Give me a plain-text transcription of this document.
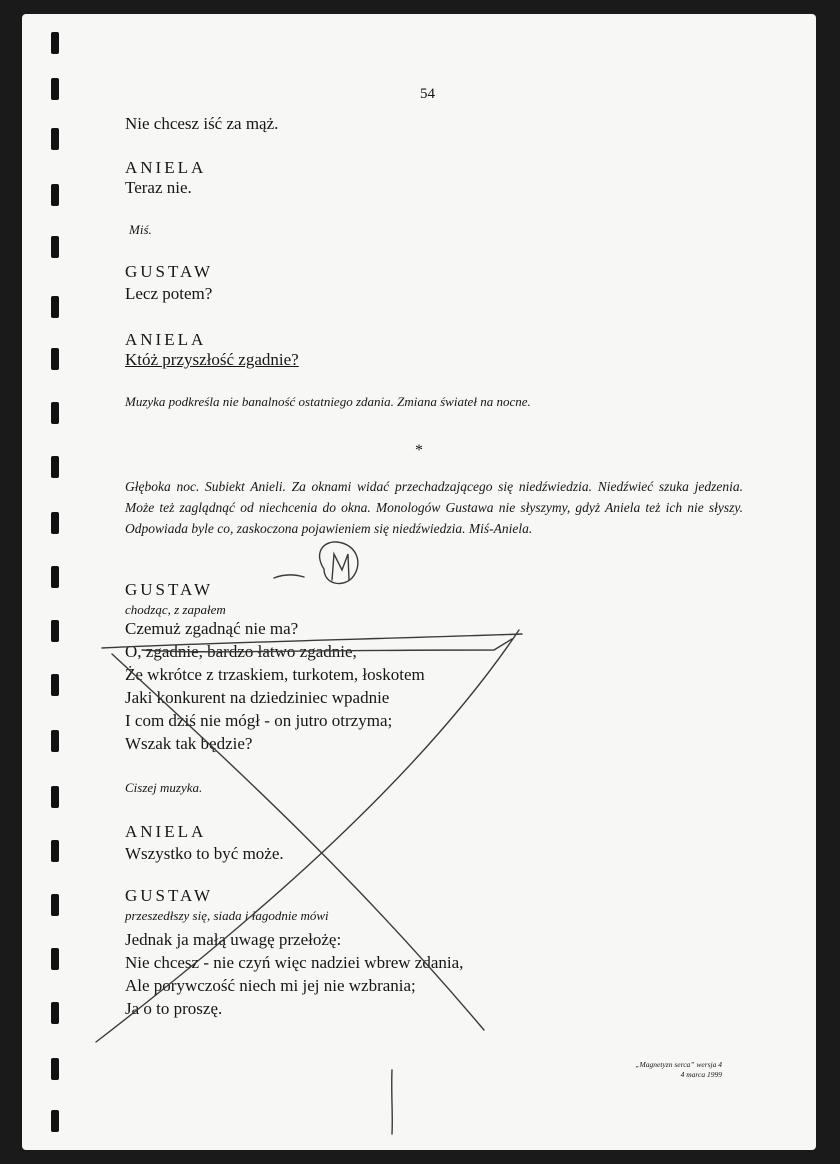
54
Nie chcesz iść za mąż.
ANIELA
Teraz nie.
Miś.
GUSTAW
Lecz potem?
ANIELA
Któż przyszłość zgadnie?
Muzyka podkreśla nie banalność ostatniego zdania. Zmiana świateł na nocne.
Głęboka noc. Subiekt Anieli. Za oknami widać przechadzającego się niedźwiedzia. Niedźwieć szuka jedzenia. Może też zaglądnąć od niechcenia do okna. Monologów Gustawa nie słyszymy, gdyż Aniela też ich nie słyszy. Odpowiada byle co, zaskoczona pojawieniem się niedźwiedzia. Miś-Aniela.
GUSTAW
chodząc, z zapałem
Czemuż zgadnąć nie ma?
O, zgadnie, bardzo łatwo zgadnie,
Że wkrótce z trzaskiem, turkotem, łoskotem
Jaki konkurent na dziedziniec wpadnie
I com dziś nie mógł - on jutro otrzyma;
Wszak tak będzie?
Ciszej muzyka.
ANIELA
Wszystko to być może.
GUSTAW
przeszedłszy się, siada i łagodnie mówi
Jednak ja małą uwagę przełożę:
Nie chcesz - nie czyń więc nadziei wbrew zdania,
Ale porywczość niech mi jej nie wzbrania;
Ja o to proszę.
*
„Magnetyzn serca” wersja 4
4 marca 1999
